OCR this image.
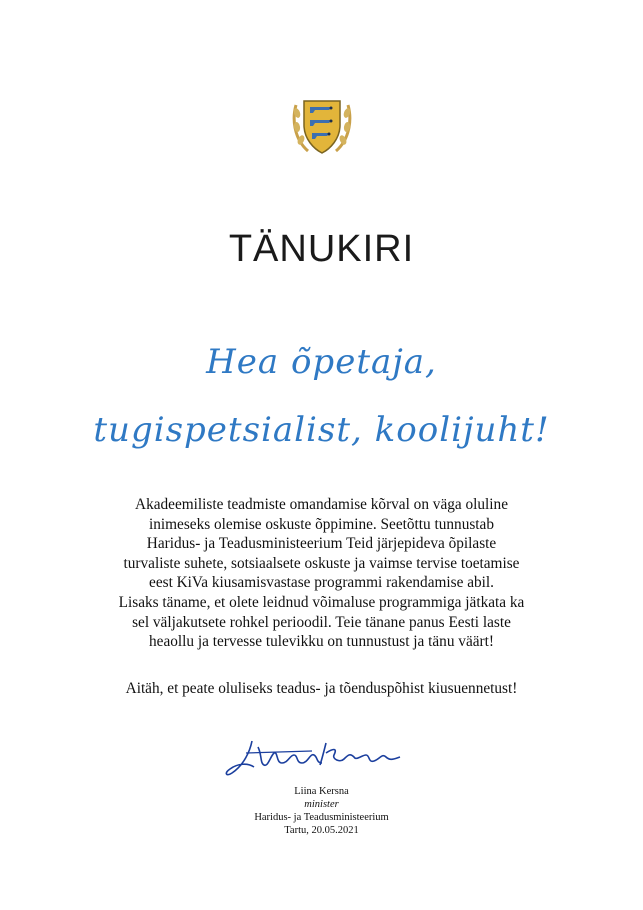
TÄNUKIRI
Hea õpetaja,
tugispetsialist, koolijuht!
Akadeemiliste teadmiste omandamise kõrval on väga oluline
inimeseks olemise oskuste õppimine. Seetõttu tunnustab
Haridus- ja Teadusministeerium Teid järjepideva õpilaste
turvaliste suhete, sotsiaalsete oskuste ja vaimse tervise toetamise
eest KiVa kiusamisvastase programmi rakendamise abil.
Lisaks täname, et olete leidnud võimaluse programmiga jätkata ka
sel väljakutsete rohkel perioodil. Teie tänane panus Eesti laste
heaollu ja tervesse tulevikku on tunnustust ja tänu väärt!
Aitäh, et peate oluliseks teadus- ja tõenduspõhist kiusuennetust!
Liina Kersna
minister
Haridus- ja Teadusministeerium
Tartu, 20.05.2021
